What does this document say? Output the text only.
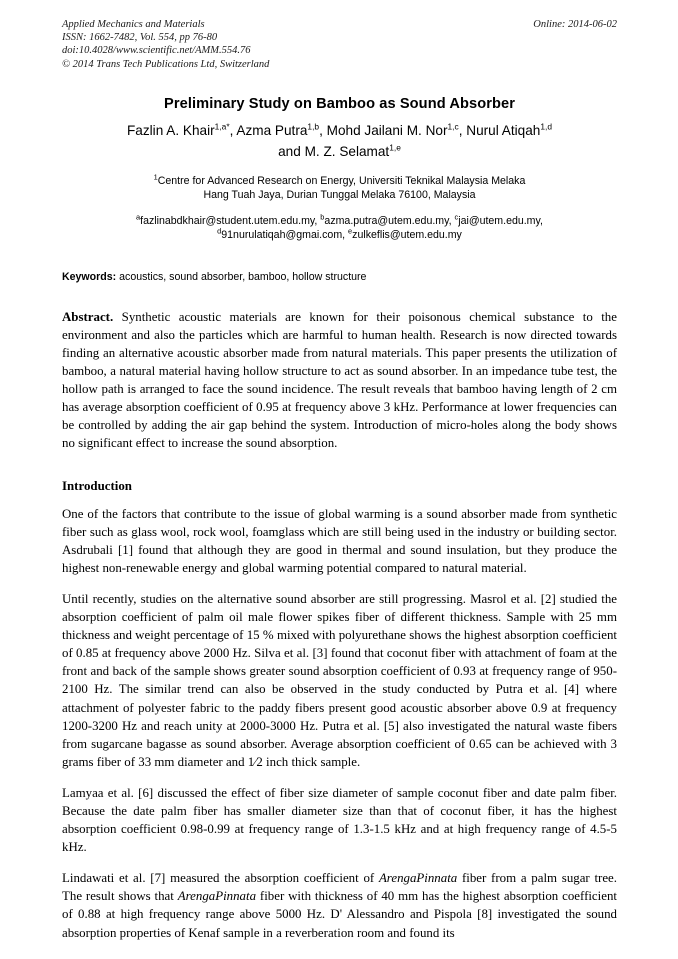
Online: 2014-06-02
Applied Mechanics and Materials
ISSN: 1662-7482, Vol. 554, pp 76-80
doi:10.4028/www.scientific.net/AMM.554.76
© 2014 Trans Tech Publications Ltd, Switzerland
Preliminary Study on Bamboo as Sound Absorber
Fazlin A. Khair$^{1,a*}$, Azma Putra$^{1,b}$, Mohd Jailani M. Nor$^{1,c}$, Nurul Atiqah$^{1,d}$
and M. Z. Selamat$^{1,e}$
$^1$Centre for Advanced Research on Energy, Universiti Teknikal Malaysia Melaka
Hang Tuah Jaya, Durian Tunggal Melaka 76100, Malaysia
$^a$fazlinabdkhair@student.utem.edu.my, $^b$azma.putra@utem.edu.my, $^c$jai@utem.edu.my,
$^d$91nurulatiqah@gmai.com, $^e$zulkeflis@utem.edu.my
Keywords: acoustics, sound absorber, bamboo, hollow structure
Abstract. Synthetic acoustic materials are known for their poisonous chemical substance to the environment and also the particles which are harmful to human health. Research is now directed towards finding an alternative acoustic absorber made from natural materials. This paper presents the utilization of bamboo, a natural material having hollow structure to act as sound absorber. In an impedance tube test, the hollow path is arranged to face the sound incidence. The result reveals that bamboo having length of 2 cm has average absorption coefficient of 0.95 at frequency above 3 kHz. Performance at lower frequencies can be controlled by adding the air gap behind the system. Introduction of micro-holes along the body shows no significant effect to increase the sound absorption.
Introduction

One of the factors that contribute to the issue of global warming is a sound absorber made from synthetic fiber such as glass wool, rock wool, foamglass which are still being used in the industry or building sector. Asdrubali [1] found that although they are good in thermal and sound insulation, but they produce the highest non-renewable energy and global warming potential compared to natural material.

Until recently, studies on the alternative sound absorber are still progressing. Masrol et al. [2] studied the absorption coefficient of palm oil male flower spikes fiber of different thickness. Sample with 25 mm thickness and weight percentage of 15 % mixed with polyurethane shows the highest absorption coefficient of 0.85 at frequency above 2000 Hz. Silva et al. [3] found that coconut fiber with attachment of foam at the front and back of the sample shows greater sound absorption coefficient of 0.93 at frequency range of 950-2100 Hz. The similar trend can also be observed in the study conducted by Putra et al. [4] where attachment of polyester fabric to the paddy fibers present good acoustic absorber above 0.9 at frequency 1200-3200 Hz and reach unity at 2000-3000 Hz. Putra et al. [5] also investigated the natural waste fibers from sugarcane bagasse as sound absorber. Average absorption coefficient of 0.65 can be achieved with 3 grams fiber of 33 mm diameter and 1⁄2 inch thick sample.

Lamyaa et al. [6] discussed the effect of fiber size diameter of sample coconut fiber and date palm fiber. Because the date palm fiber has smaller diameter size than that of coconut fiber, it has the highest absorption coefficient 0.98-0.99 at frequency range of 1.3-1.5 kHz and at high frequency range of 4.5-5 kHz.

Lindawati et al. [7] measured the absorption coefficient of ArengaPinnata fiber from a palm sugar tree. The result shows that ArengaPinnata fiber with thickness of 40 mm has the highest absorption coefficient of 0.88 at high frequency range above 5000 Hz. D' Alessandro and Pispola [8] investigated the sound absorption properties of Kenaf sample in a reverberation room and found its
